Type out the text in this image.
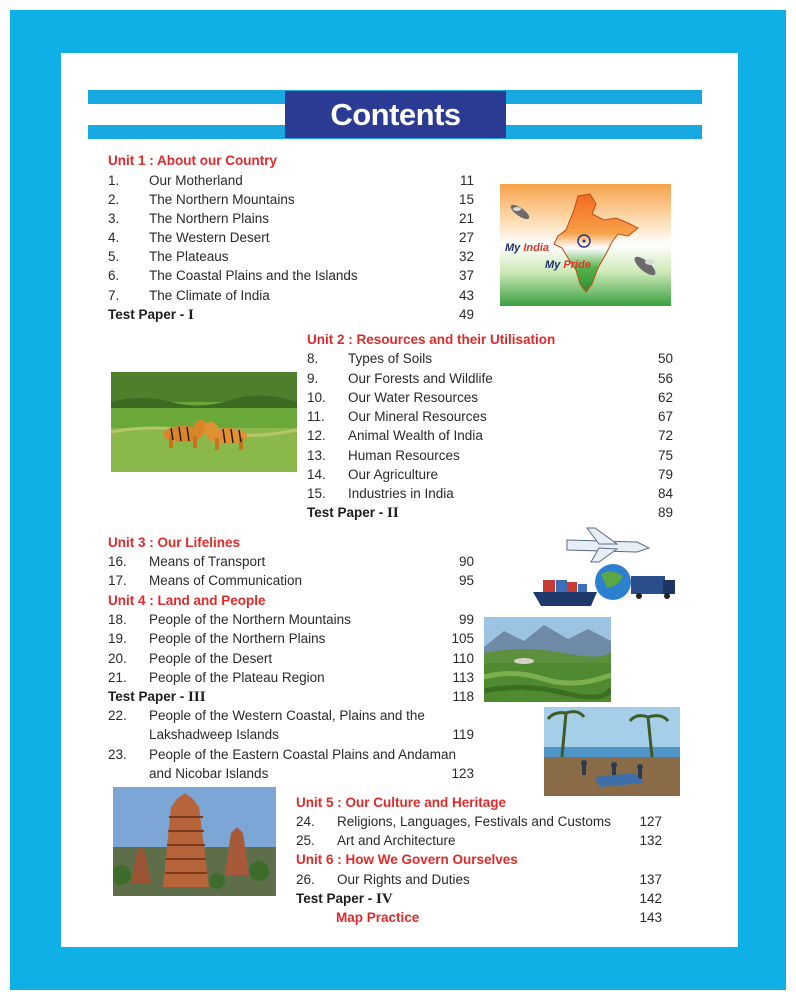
Contents
Unit 1 : About our Country
1. Our Motherland	11
2. The Northern Mountains	15
3. The Northern Plains	21
4. The Western Desert	27
5. The Plateaus	32
6. The Coastal Plains and the Islands	37
7. The Climate of India	43
Test Paper - I	49
My India
My Pride
Unit 2 : Resources and their Utilisation
8. Types of Soils	50
9. Our Forests and Wildlife	56
10. Our Water Resources	62
11. Our Mineral Resources	67
12. Animal Wealth of India	72
13. Human Resources	75
14. Our Agriculture	79
15. Industries in India	84
Test Paper - II	89
Unit 3 : Our Lifelines
16. Means of Transport	90
17. Means of Communication	95
Unit 4 : Land and People
18. People of the Northern Mountains	99
19. People of the Northern Plains	105
20. People of the Desert	110
21. People of the Plateau Region	113
Test Paper - III	118
22. People of the Western Coastal, Plains and the
Lakshadweep Islands	119
23. People of the Eastern Coastal Plains and Andaman
and Nicobar Islands	123
Unit 5 : Our Culture and Heritage
24. Religions, Languages, Festivals and Customs 127
25. Art and Architecture	132
Unit 6 : How We Govern Ourselves
26. Our Rights and Duties	137
Test Paper - IV	142
Map Practice	143
